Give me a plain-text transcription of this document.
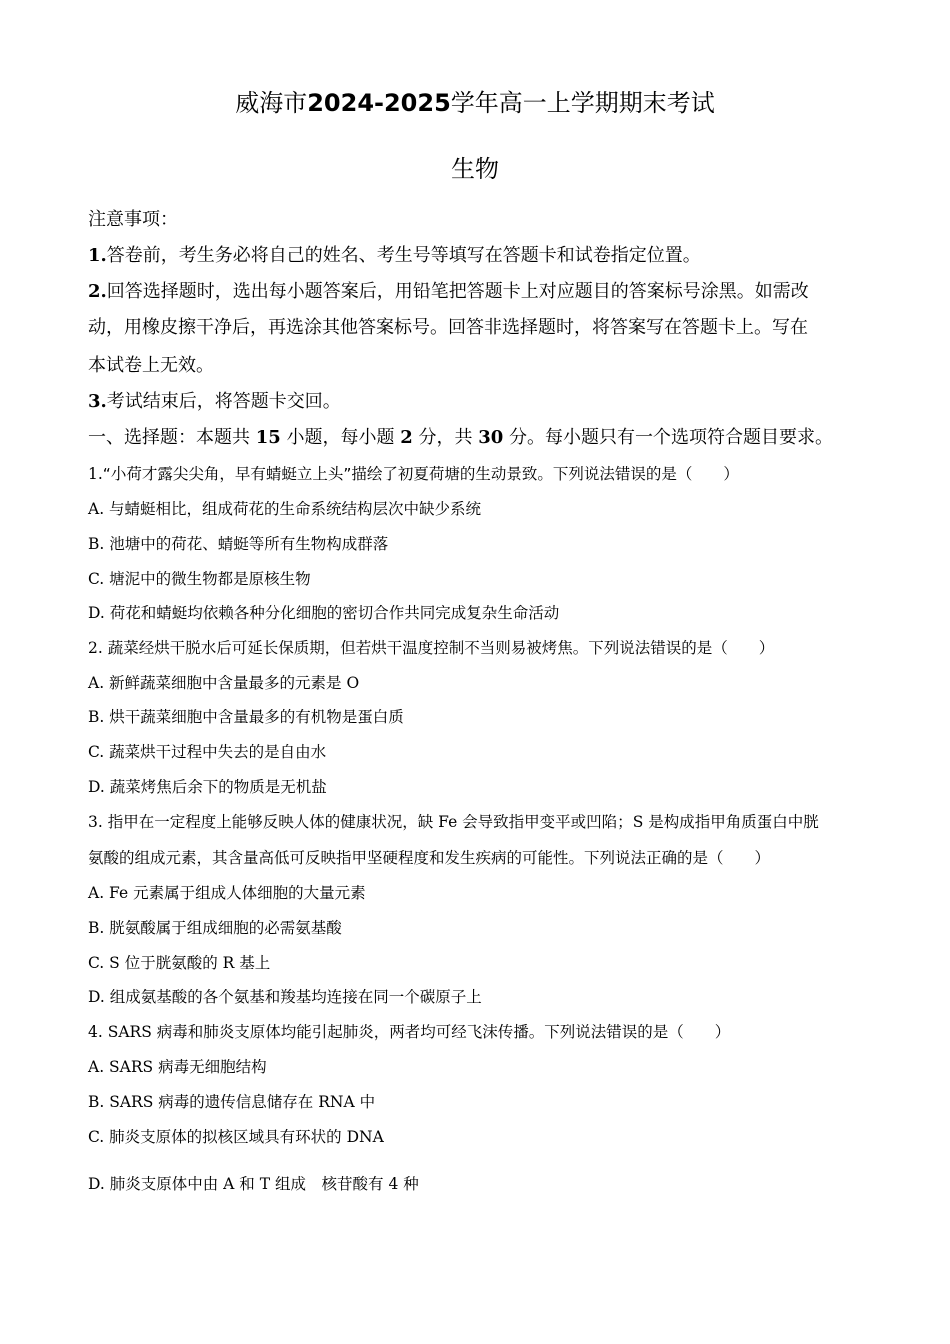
威海市2024-2025学年高一上学期期末考试
生物
注意事项：
1.答卷前，考生务必将自己的姓名、考生号等填写在答题卡和试卷指定位置。
2.回答选择题时，选出每小题答案后，用铅笔把答题卡上对应题目的答案标号涂黑。如需改
动，用橡皮擦干净后，再选涂其他答案标号。回答非选择题时，将答案写在答题卡上。写在
本试卷上无效。
3.考试结束后，将答题卡交回。
一、选择题：本题共 15 小题，每小题 2 分，共 30 分。每小题只有一个选项符合题目要求。
1.“小荷才露尖尖角，早有蜻蜓立上头”描绘了初夏荷塘的生动景致。下列说法错误的是（　　）
A. 与蜻蜓相比，组成荷花的生命系统结构层次中缺少系统
B. 池塘中的荷花、蜻蜓等所有生物构成群落
C. 塘泥中的微生物都是原核生物
D. 荷花和蜻蜓均依赖各种分化细胞的密切合作共同完成复杂生命活动
2. 蔬菜经烘干脱水后可延长保质期，但若烘干温度控制不当则易被烤焦。下列说法错误的是（　　）
A. 新鲜蔬菜细胞中含量最多的元素是 O
B. 烘干蔬菜细胞中含量最多的有机物是蛋白质
C. 蔬菜烘干过程中失去的是自由水
D. 蔬菜烤焦后余下的物质是无机盐
3. 指甲在一定程度上能够反映人体的健康状况，缺 Fe 会导致指甲变平或凹陷；S 是构成指甲角质蛋白中胱
氨酸的组成元素，其含量高低可反映指甲坚硬程度和发生疾病的可能性。下列说法正确的是（　　）
A. Fe 元素属于组成人体细胞的大量元素
B. 胱氨酸属于组成细胞的必需氨基酸
C. S 位于胱氨酸的 R 基上
D. 组成氨基酸的各个氨基和羧基均连接在同一个碳原子上
4. SARS 病毒和肺炎支原体均能引起肺炎，两者均可经飞沫传播。下列说法错误的是（　　）
A. SARS 病毒无细胞结构
B. SARS 病毒的遗传信息储存在 RNA 中
C. 肺炎支原体的拟核区域具有环状的 DNA
D. 肺炎支原体中由 A 和 T 组成　核苷酸有 4 种
